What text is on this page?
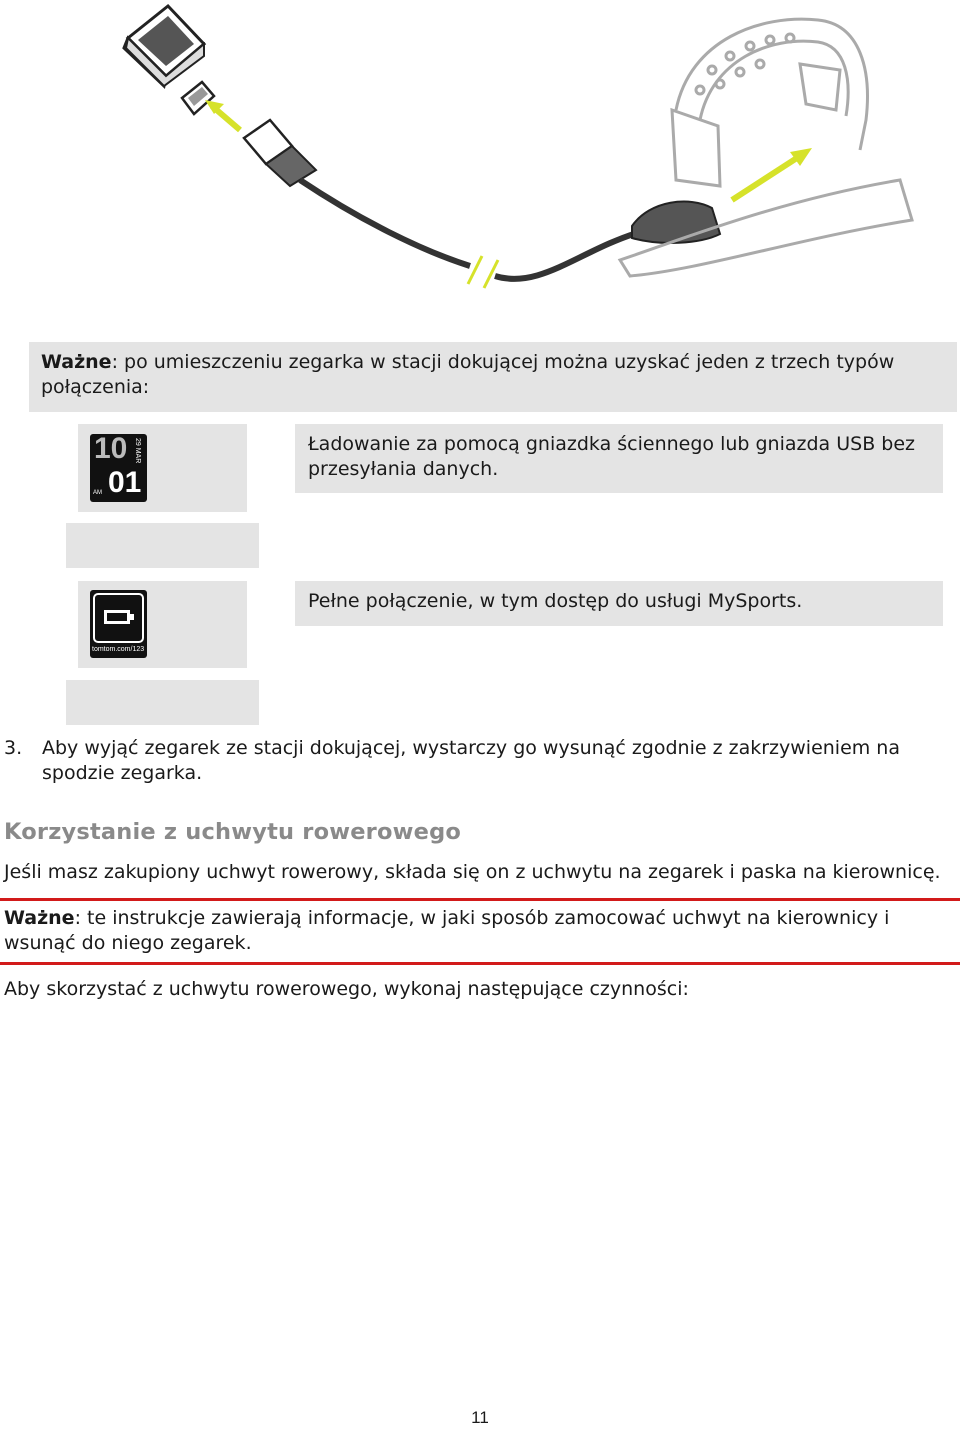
Ważne: po umieszczeniu zegarka w stacji dokującej można uzyskać jeden z trzech typów połączenia:
10
01
29 MAR
AM
Ładowanie za pomocą gniazdka ściennego lub gniazda USB bez przesyłania danych.
tomtom.com/123
Pełne połączenie, w tym dostęp do usługi MySports.
3. Aby wyjąć zegarek ze stacji dokującej, wystarczy go wysunąć zgodnie z zakrzywieniem na spodzie zegarka.
Korzystanie z uchwytu rowerowego
Jeśli masz zakupiony uchwyt rowerowy, składa się on z uchwytu na zegarek i paska na kierownicę.
Ważne: te instrukcje zawierają informacje, w jaki sposób zamocować uchwyt na kierownicy i wsunąć do niego zegarek.
Aby skorzystać z uchwytu rowerowego, wykonaj następujące czynności:
11
